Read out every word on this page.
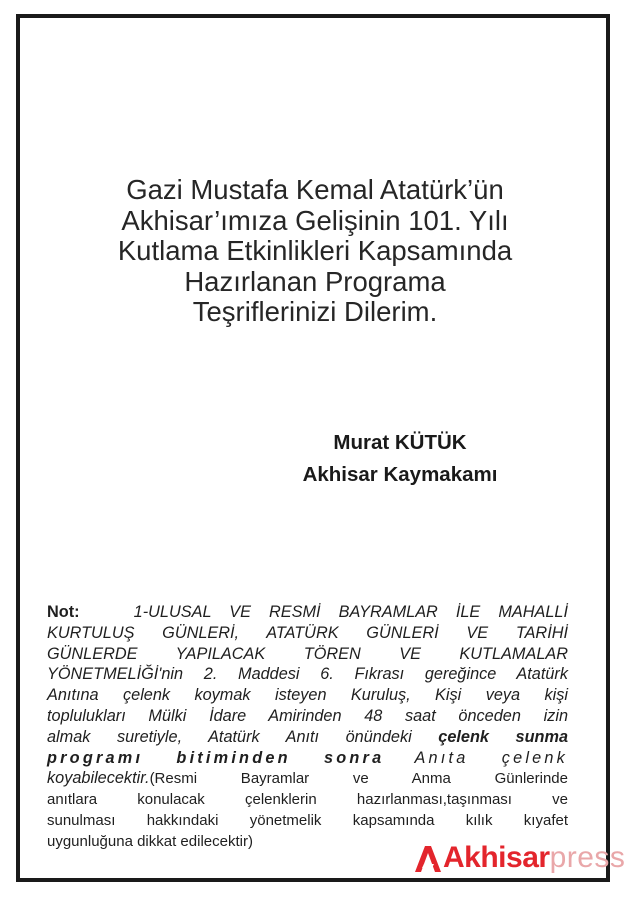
Gazi Mustafa Kemal Atatürk’ün
Akhisar’ımıza Gelişinin 101. Yılı
Kutlama Etkinlikleri Kapsamında
Hazırlanan Programa
Teşriflerinizi Dilerim.
Murat KÜTÜK
Akhisar Kaymakamı
Not:	1-ULUSAL VE RESMİ BAYRAMLAR İLE MAHALLİ
KURTULUŞ GÜNLERİ, ATATÜRK GÜNLERİ VE TARİHİ
GÜNLERDE YAPILACAK TÖREN VE KUTLAMALAR
YÖNETMELİĞİ'nin 2. Maddesi 6. Fıkrası gereğince Atatürk
Anıtına çelenk koymak isteyen Kuruluş, Kişi veya kişi
toplulukları Mülki İdare Amirinden 48 saat önceden izin
almak suretiyle, Atatürk Anıtı önündeki çelenk sunma
programı bitiminden sonra Anıta çelenk
koyabilecektir.(Resmi Bayramlar ve Anma Günlerinde
anıtlara konulacak çelenklerin hazırlanması,taşınması ve
sunulması hakkındaki yönetmelik kapsamında kılık kıyafet
uygunluğuna dikkat edilecektir)	Akhisar press
